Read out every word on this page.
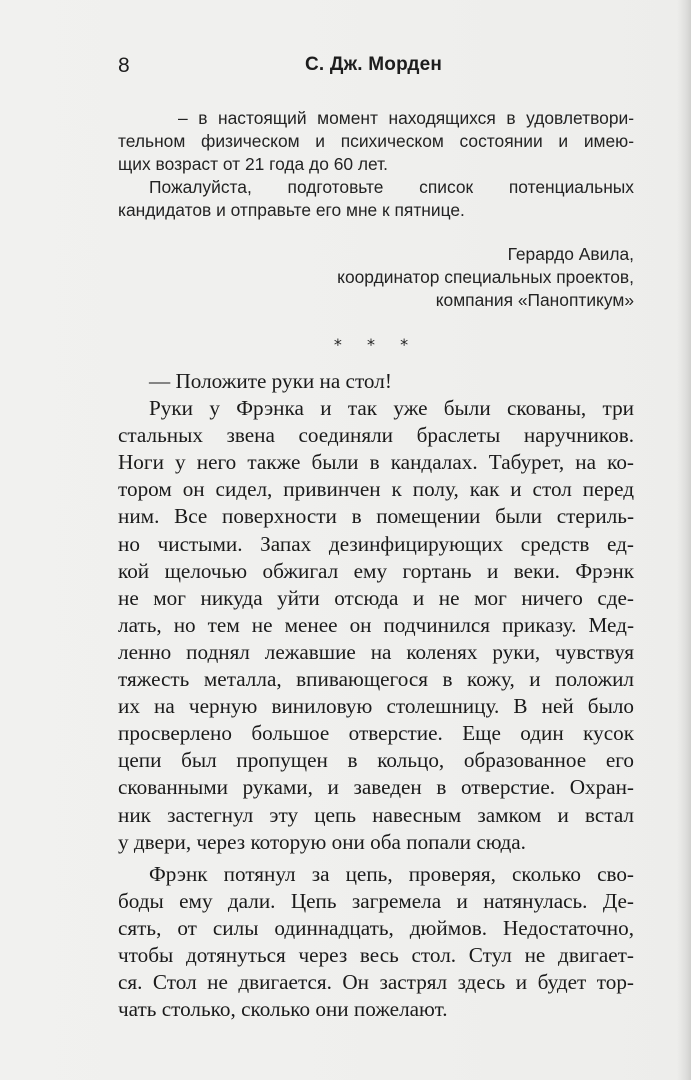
8	С. Дж. Морден
– в настоящий момент находящихся в удовлетвори-
тельном физическом и психическом состоянии и имею-
щих возраст от 21 года до 60 лет.
Пожалуйста, подготовьте список потенциальных
кандидатов и отправьте его мне к пятнице.
Герардо Авила,
координатор специальных проектов,
компания «Паноптикум»
* * *
— Положите руки на стол!
Руки у Фрэнка и так уже были скованы, три
стальных звена соединяли браслеты наручников.
Ноги у него также были в кандалах. Табурет, на ко-
тором он сидел, привинчен к полу, как и стол перед
ним. Все поверхности в помещении были стериль-
но чистыми. Запах дезинфицирующих средств ед-
кой щелочью обжигал ему гортань и веки. Фрэнк
не мог никуда уйти отсюда и не мог ничего сде-
лать, но тем не менее он подчинился приказу. Мед-
ленно поднял лежавшие на коленях руки, чувствуя
тяжесть металла, впивающегося в кожу, и положил
их на черную виниловую столешницу. В ней было
просверлено большое отверстие. Еще один кусок
цепи был пропущен в кольцо, образованное его
скованными руками, и заведен в отверстие. Охран-
ник застегнул эту цепь навесным замком и встал
у двери, через которую они оба попали сюда.
Фрэнк потянул за цепь, проверяя, сколько сво-
боды ему дали. Цепь загремела и натянулась. Де-
сять, от силы одиннадцать, дюймов. Недостаточно,
чтобы дотянуться через весь стол. Стул не двигает-
ся. Стол не двигается. Он застрял здесь и будет тор-
чать столько, сколько они пожелают.
